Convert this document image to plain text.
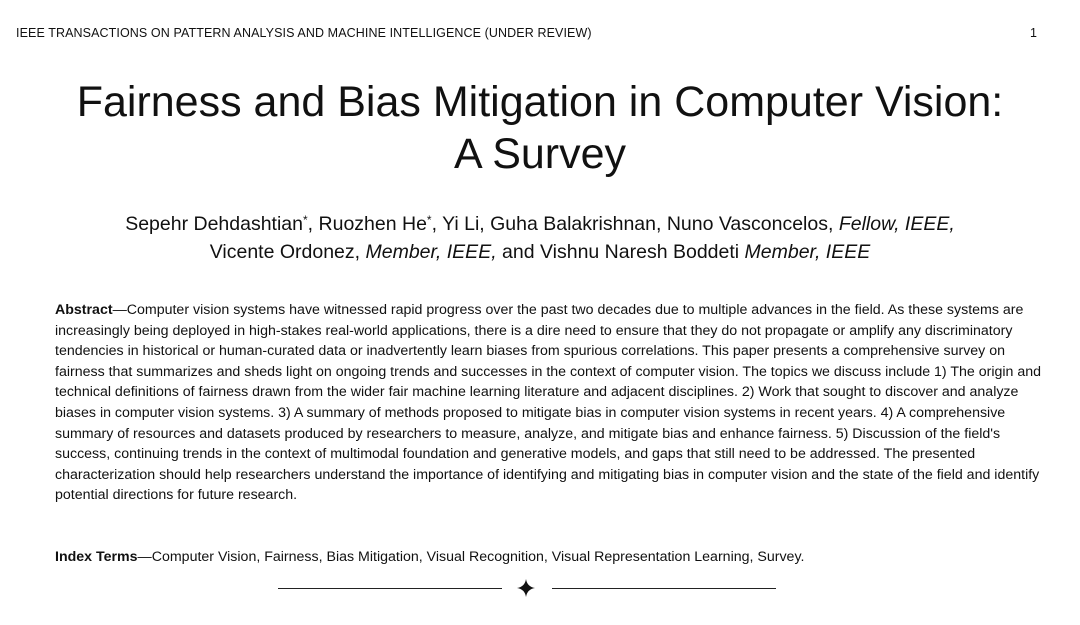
IEEE TRANSACTIONS ON PATTERN ANALYSIS AND MACHINE INTELLIGENCE (UNDER REVIEW)	1
Fairness and Bias Mitigation in Computer Vision:
A Survey
Sepehr Dehdashtian*, Ruozhen He*, Yi Li, Guha Balakrishnan, Nuno Vasconcelos, Fellow, IEEE,
Vicente Ordonez, Member, IEEE, and Vishnu Naresh Boddeti Member, IEEE

Abstract—Computer vision systems have witnessed rapid progress over the past two decades due to multiple advances in the field. As these systems are increasingly being deployed in high-stakes real-world applications, there is a dire need to ensure that they do not propagate or amplify any discriminatory tendencies in historical or human-curated data or inadvertently learn biases from spurious correlations. This paper presents a comprehensive survey on fairness that summarizes and sheds light on ongoing trends and successes in the context of computer vision. The topics we discuss include 1) The origin and technical definitions of fairness drawn from the wider fair machine learning literature and adjacent disciplines. 2) Work that sought to discover and analyze biases in computer vision systems. 3) A summary of methods proposed to mitigate bias in computer vision systems in recent years. 4) A comprehensive summary of resources and datasets produced by researchers to measure, analyze, and mitigate bias and enhance fairness. 5) Discussion of the field's success, continuing trends in the context of multimodal foundation and generative models, and gaps that still need to be addressed. The presented characterization should help researchers understand the importance of identifying and mitigating bias in computer vision and the state of the field and identify potential directions for future research.

Index Terms—Computer Vision, Fairness, Bias Mitigation, Visual Recognition, Visual Representation Learning, Survey.
